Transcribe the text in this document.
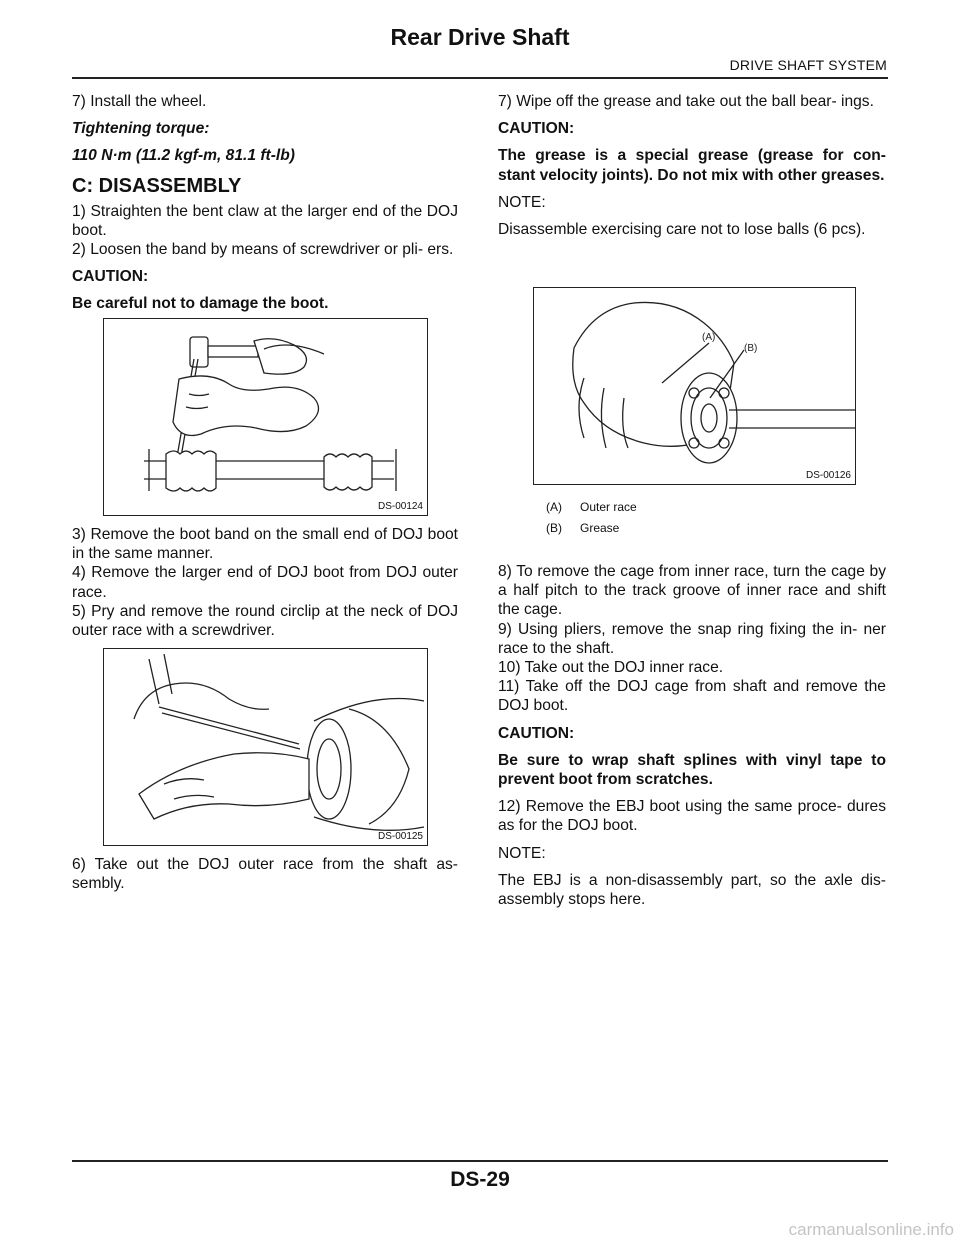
Rear Drive Shaft
DRIVE SHAFT SYSTEM

7) Install the wheel.

Tightening torque:

110 N·m (11.2 kgf-m, 81.1 ft-lb)

C: DISASSEMBLY

1) Straighten the bent claw at the larger end of the DOJ boot.

2) Loosen the band by means of screwdriver or pli- ers.

CAUTION:

Be careful not to damage the boot.

DS-00124

3) Remove the boot band on the small end of DOJ boot in the same manner.

4) Remove the larger end of DOJ boot from DOJ outer race.

5) Pry and remove the round circlip at the neck of DOJ outer race with a screwdriver.

DS-00125

6) Take out the DOJ outer race from the shaft as- sembly.

7) Wipe off the grease and take out the ball bear- ings.

CAUTION:

The grease is a special grease (grease for con- stant velocity joints). Do not mix with other greases.

NOTE:

Disassemble exercising care not to lose balls (6 pcs).

(A)
(B)
DS-00126
(A) Outer race
(B) Grease

8) To remove the cage from inner race, turn the cage by a half pitch to the track groove of inner race and shift the cage.

9) Using pliers, remove the snap ring fixing the in- ner race to the shaft.

10) Take out the DOJ inner race.

11) Take off the DOJ cage from shaft and remove the DOJ boot.

CAUTION:

Be sure to wrap shaft splines with vinyl tape to prevent boot from scratches.

12) Remove the EBJ boot using the same proce- dures as for the DOJ boot.

NOTE:

The EBJ is a non-disassembly part, so the axle dis- assembly stops here.

DS-29
carmanualsonline.info
